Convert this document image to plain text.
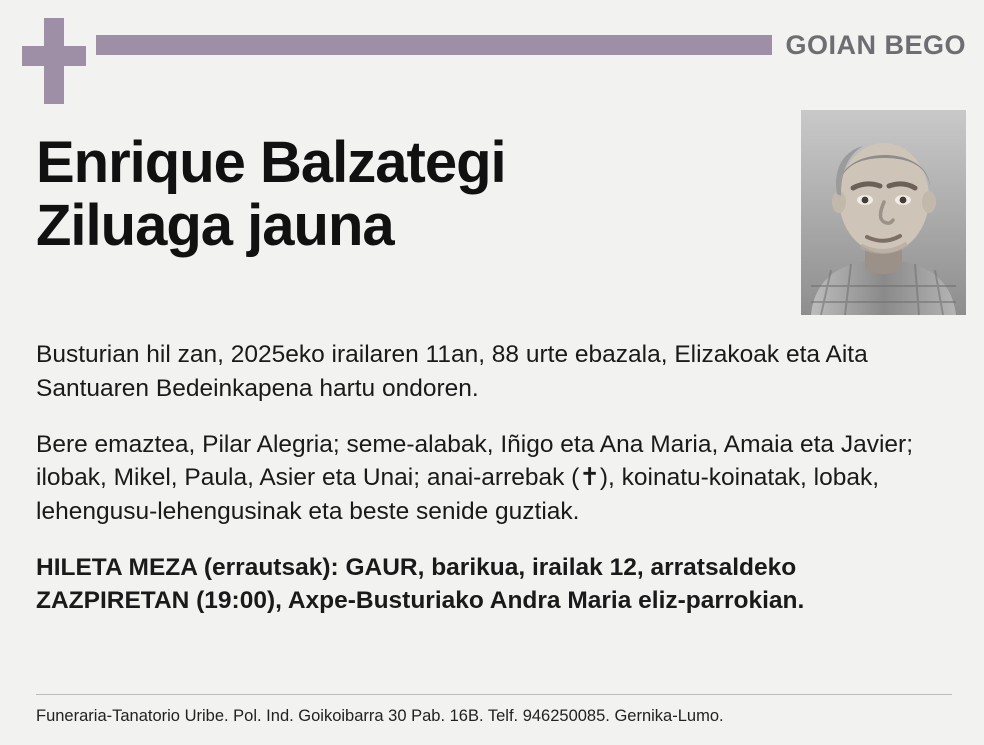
GOIAN BEGO
Enrique Balzategi Ziluaga jauna

Busturian hil zan, 2025eko irailaren 11an, 88 urte ebazala, Elizakoak eta Aita Santuaren Bedeinkapena hartu ondoren.

Bere emaztea, Pilar Alegria; seme-alabak, Iñigo eta Ana Maria, Amaia eta Javier; ilobak, Mikel, Paula, Asier eta Unai; anai-arrebak (✝), koinatu-koinatak, lobak, lehengusu-lehengusinak eta beste senide guztiak.

HILETA MEZA (errautsak): GAUR, barikua, irailak 12, arratsaldeko ZAZPIRETAN (19:00), Axpe-Busturiako Andra Maria eliz-parrokian.

Funeraria-Tanatorio Uribe. Pol. Ind. Goikoibarra 30 Pab. 16B. Telf. 946250085. Gernika-Lumo.
